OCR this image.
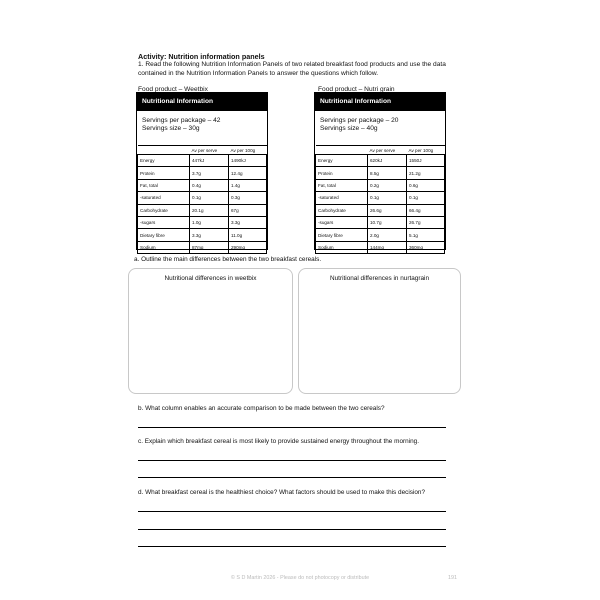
Activity: Nutrition information panels
1. Read the following Nutrition Information Panels of two related breakfast food products and use the data contained in the Nutrition Information Panels to answer the questions which follow.
Food product – Weetbix	Food product – Nutri grain
Nutritional Information
Servings per package – 42
Servings size – 30g
	Av per serve	Av per 100g
Energy	447kJ	1490kJ
Protein	3.7g	12.4g
Fat, total	0.4g	1.4g
-saturated	0.1g	0.3g
Carbohydrate	20.1g	67g
-sugars	1.0g	3.3g
Dietary fibre	3.3g	11.0g
Sodium	87mg	290mg
Nutritional Information
Servings per package – 20
Servings size – 40g
	Av per serve	Av per 100g
Energy	620kJ	1550J
Protein	8.5g	21.2g
Fat, total	0.2g	0.6g
-saturated	0.1g	0.1g
Carbohydrate	26.6g	66.4g
-sugars	10.7g	26.7g
Dietary fibre	2.0g	5.1g
Sodium	144mg	360mg
a. Outline the main differences between the two breakfast cereals.
Nutritional differences in weetbix	Nutritional differences in nurtagrain
b. What column enables an accurate comparison to be made between the two cereals?
c. Explain which breakfast cereal is most likely to provide sustained energy throughout the morning.
d. What breakfast cereal is the healthiest choice? What factors should be used to make this decision?
© S D Martin 2026 - Please do not photocopy or distribute	191
